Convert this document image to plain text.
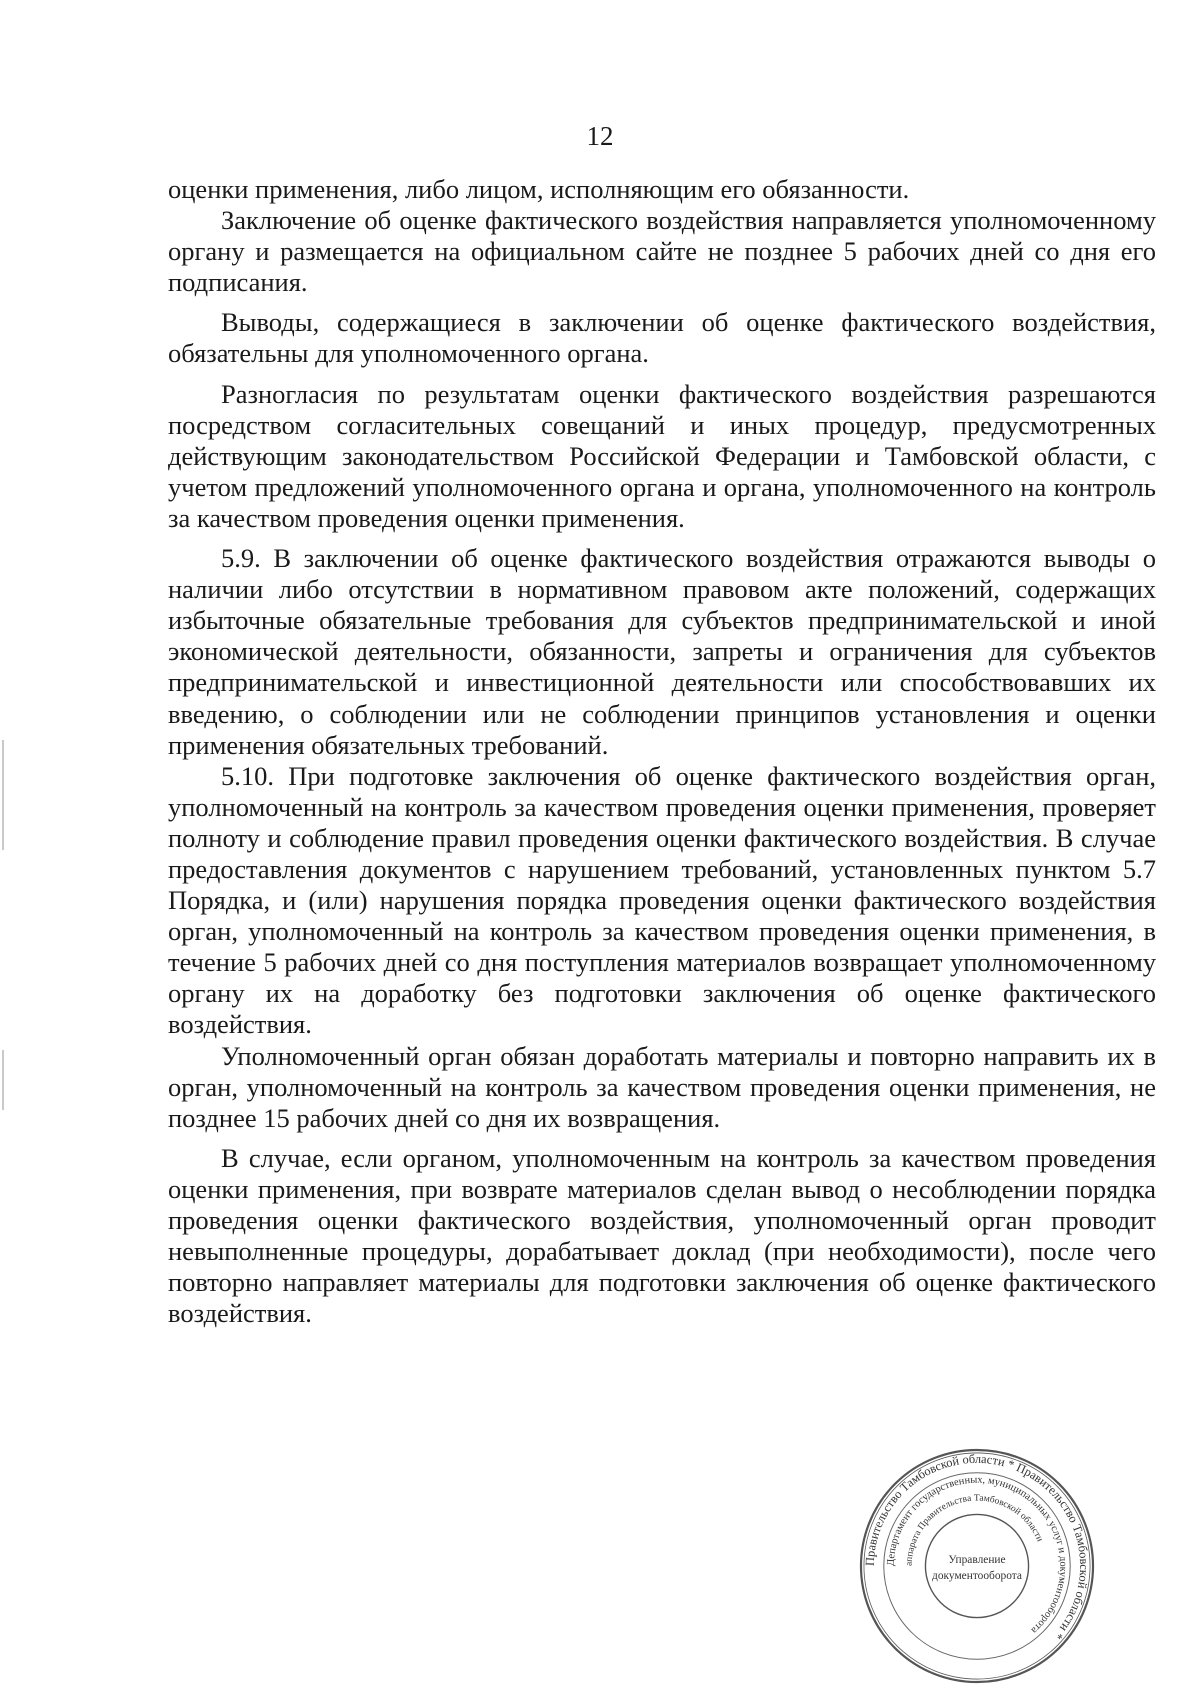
12

оценки применения, либо лицом, исполняющим его обязанности.

Заключение об оценке фактического воздействия направляется уполномоченному органу и размещается на официальном сайте не позднее 5 рабочих дней со дня его подписания.

Выводы, содержащиеся в заключении об оценке фактического воздействия, обязательны для уполномоченного органа.

Разногласия по результатам оценки фактического воздействия разрешаются посредством согласительных совещаний и иных процедур, предусмотренных действующим законодательством Российской Федерации и Тамбовской области, с учетом предложений уполномоченного органа и органа, уполномоченного на контроль за качеством проведения оценки применения.

5.9. В заключении об оценке фактического воздействия отражаются выводы о наличии либо отсутствии в нормативном правовом акте положений, содержащих избыточные обязательные требования для субъектов предпринимательской и иной экономической деятельности, обязанности, запреты и ограничения для субъектов предпринимательской и инвестиционной деятельности или способствовавших их введению, о соблюдении или не соблюдении принципов установления и оценки применения обязательных требований.

5.10. При подготовке заключения об оценке фактического воздействия орган, уполномоченный на контроль за качеством проведения оценки применения, проверяет полноту и соблюдение правил проведения оценки фактического воздействия. В случае предоставления документов с нарушением требований, установленных пунктом 5.7 Порядка, и (или) нарушения порядка проведения оценки фактического воздействия орган, уполномоченный на контроль за качеством проведения оценки применения, в течение 5 рабочих дней со дня поступления материалов возвращает уполномоченному органу их на доработку без подготовки заключения об оценке фактического воздействия.

Уполномоченный орган обязан доработать материалы и повторно направить их в орган, уполномоченный на контроль за качеством проведения оценки применения, не позднее 15 рабочих дней со дня их возвращения.

В случае, если органом, уполномоченным на контроль за качеством проведения оценки применения, при возврате материалов сделан вывод о несоблюдении порядка проведения оценки фактического воздействия, уполномоченный орган проводит невыполненные процедуры, дорабатывает доклад (при необходимости), после чего повторно направляет материалы для подготовки заключения об оценке фактического воздействия.

Правительство Тамбовской области * Правительство Тамбовской области *
Департамент государственных, муниципальных услуг и документооборота
аппарата Правительства Тамбовской области
Управление
документооборота
